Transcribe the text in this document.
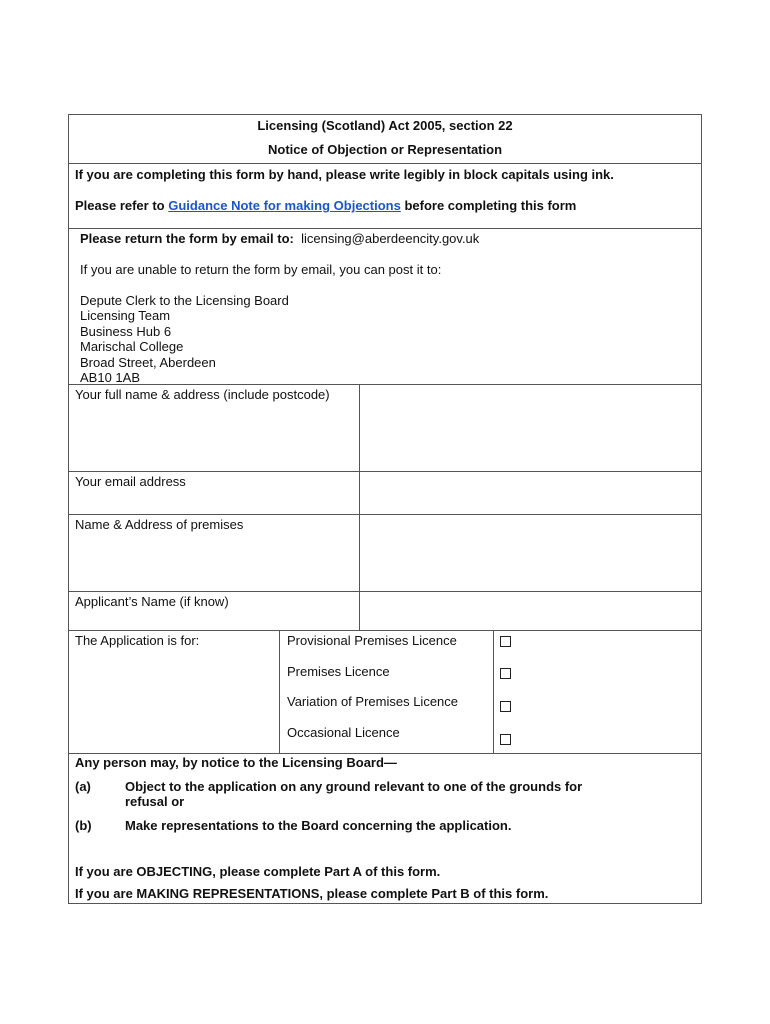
Licensing (Scotland) Act 2005, section 22
Notice of Objection or Representation
If you are completing this form by hand, please write legibly in block capitals using ink.
Please refer to Guidance Note for making Objections before completing this form
Please return the form by email to: licensing@aberdeencity.gov.uk
If you are unable to return the form by email, you can post it to:
Depute Clerk to the Licensing Board
Licensing Team
Business Hub 6
Marischal College
Broad Street, Aberdeen
AB10 1AB
Your full name & address (include postcode)
Your email address
Name & Address of premises
Applicant’s Name (if know)
The Application is for:	Provisional Premises Licence
Premises Licence
Variation of Premises Licence
Occasional Licence
Any person may, by notice to the Licensing Board—
(a)	Object to the application on any ground relevant to one of the grounds for
refusal or
(b)	Make representations to the Board concerning the application.
If you are OBJECTING, please complete Part A of this form.
If you are MAKING REPRESENTATIONS, please complete Part B of this form.
